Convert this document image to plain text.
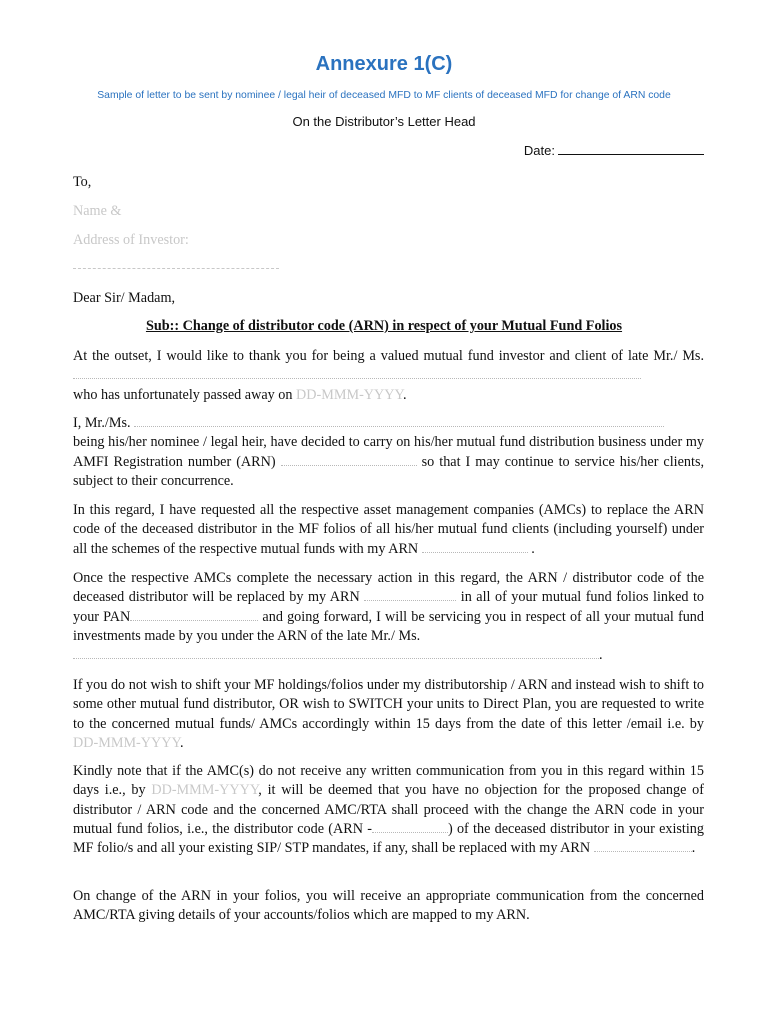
Annexure 1(C)
Sample of letter to be sent by nominee / legal heir of deceased MFD to MF clients of deceased MFD for change of ARN code
On the Distributor’s Letter Head
Date:
To,
Name &
Address of Investor:
Dear Sir/ Madam,
Sub:: Change of distributor code (ARN) in respect of your Mutual Fund Folios

At the outset, I would like to thank you for being a valued mutual fund investor and client of late Mr./ Ms.

who has unfortunately passed away on DD-MMM-YYYY.

I, Mr./Ms.

being his/her nominee / legal heir, have decided to carry on his/her mutual fund distribution business under my AMFI Registration number (ARN)	so that I may continue to service his/her clients, subject to their concurrence.

In this regard, I have requested all the respective asset management companies (AMCs) to replace the ARN code of the deceased distributor in the MF folios of all his/her mutual fund clients (including yourself) under all the schemes of the respective mutual funds with my ARN	.

Once the respective AMCs complete the necessary action in this regard, the ARN / distributor code of the deceased distributor will be replaced by my ARN	in all of your mutual fund folios linked to your PAN	and going forward, I will be servicing you in respect of all your mutual fund investments made by you under the ARN of the late Mr./ Ms.

.

If you do not wish to shift your MF holdings/folios under my distributorship / ARN and instead wish to shift to some other mutual fund distributor, OR wish to SWITCH your units to Direct Plan, you are requested to write to the concerned mutual funds/ AMCs accordingly within 15 days from the date of this letter /email i.e. by DD-MMM-YYYY.

Kindly note that if the AMC(s) do not receive any written communication from you in this regard within 15 days i.e., by DD-MMM-YYYY, it will be deemed that you have no objection for the proposed change of distributor / ARN code and the concerned AMC/RTA shall proceed with the change the ARN code in your mutual fund folios, i.e., the distributor code (ARN -	) of the deceased distributor in your existing MF folio/s and all your existing SIP/ STP mandates, if any, shall be replaced with my ARN	.

On change of the ARN in your folios, you will receive an appropriate communication from the concerned AMC/RTA giving details of your accounts/folios which are mapped to my ARN.
